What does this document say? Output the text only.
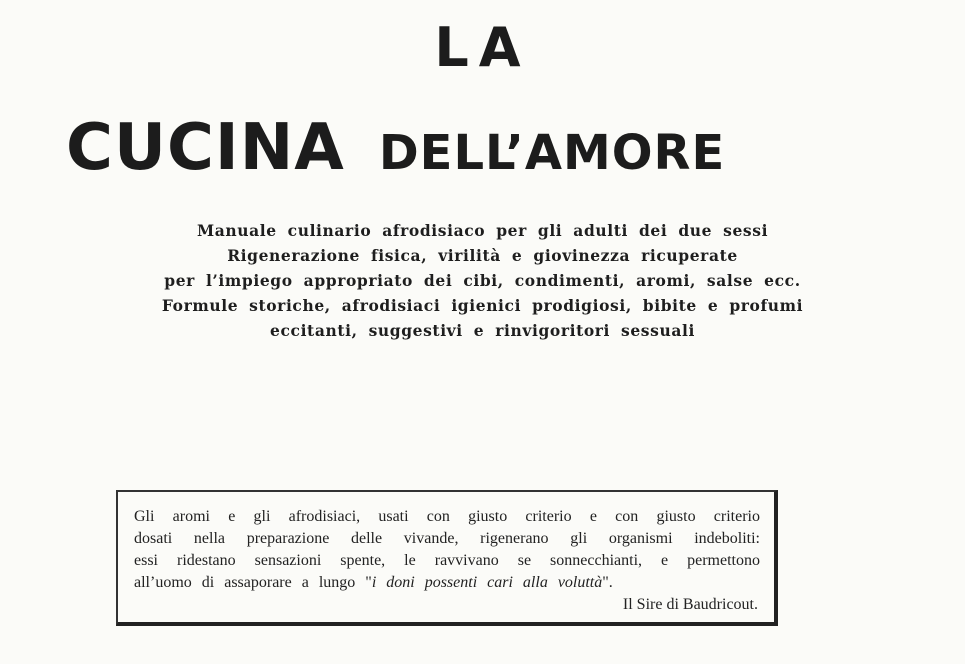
LA
CUCINA DELL’AMORE
Manuale culinario afrodisiaco per gli adulti dei due sessi
Rigenerazione fisica, virilità e giovinezza ricuperate
per l’impiego appropriato dei cibi, condimenti, aromi, salse ecc.
Formule storiche, afrodisiaci igienici prodigiosi, bibite e profumi
eccitanti, suggestivi e rinvigoritori sessuali
Gli aromi e gli afrodisiaci, usati con giusto criterio e con giusto criterio
dosati nella preparazione delle vivande, rigenerano gli organismi indeboliti:
essi ridestano sensazioni spente, le ravvivano se sonnecchianti, e permettono
all’uomo di assaporare a lungo "i doni possenti cari alla voluttà".
Il Sire di Baudricout.
